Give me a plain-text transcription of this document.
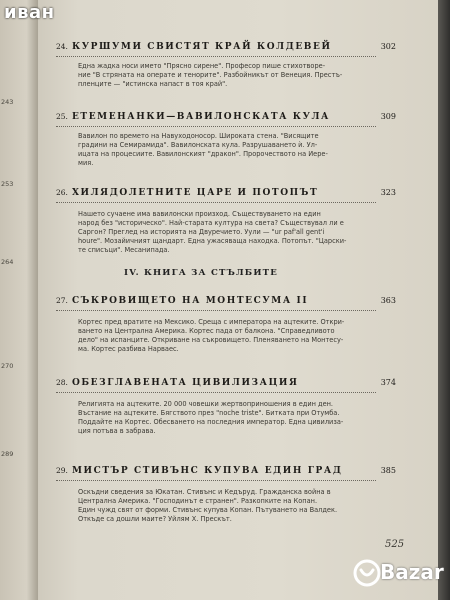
243
253
264
270
289
24. КУРШУМИ СВИСТЯТ КРАЙ КОЛДЕВЕЙ	302
Една жадка носи името "Прясно сирене". Професор пише стихотворе-
ние "В стряната на операте и теноритe". Разбойникът от Венеция. Престъ-
пленците — "истинска напаст в тоя край".
25. ЕТЕМЕНАНКИ—ВАВИЛОНСКАТА КУЛА	309
Вавилон по времето на Навуходоносор. Широката стена. "Висящите
градини на Семирамида". Вавилонската кула. Разрушаването ѝ. Ул-
ицата на процесиите. Вавилонският "дракон". Пророчеството на Йере-
мия.
26. ХИЛЯДОЛЕТНИТЕ ЦАРЕ И ПОТОПЪТ	323
Нашето сучаене има вавилонски произход. Съществуването на един
народ без "историческо". Най-старата култура на света? Съществувал ли е
Саргон? Преглед на историята на Двуречието. Уули — "ur paf'all gent'i
houre". Мозайичният щандарт. Една ужасяваща находка. Потопът. "Царски-
те списъци". Месанипада.
IV. КНИГА ЗА СТЪЛБИТЕ
27. СЪКРОВИЩЕТО НА МОНТЕСУМА II	363
Кортес пред вратите на Мексико. Среща с императора на ацтеките. Откри-
ването на Централна Америка. Кортес пада от балкона. "Справедливото
дело" на испанците. Откриване на съкровището. Пленяването на Монтесу-
ма. Кортес разбива Нарваес.
28. ОБЕЗГЛАВЕНАТА ЦИВИЛИЗАЦИЯ	374
Религията на ацтеките. 20 000 човешки жертвоприношения в един ден.
Въстание на ацтеките. Бягството през "noche triste". Битката при Отумба.
Поддайте на Кортес. Обесването на последния император. Една цивилиза-
ция потъва в забрава.
29. МИСТЪР СТИВЪНС КУПУВА ЕДИН ГРАД	385
Оскъдни сведения за Юкатан. Стивънс и Кедъруд. Гражданска война в
Централна Америка. "Господинът е странен". Разкопките на Копан.
Един чужд свят от форми. Стивънс купува Копан. Пътуването на Валдек.
Откъде са дошли маите? Уйлям Х. Прескът.
525
иван
Bazar
